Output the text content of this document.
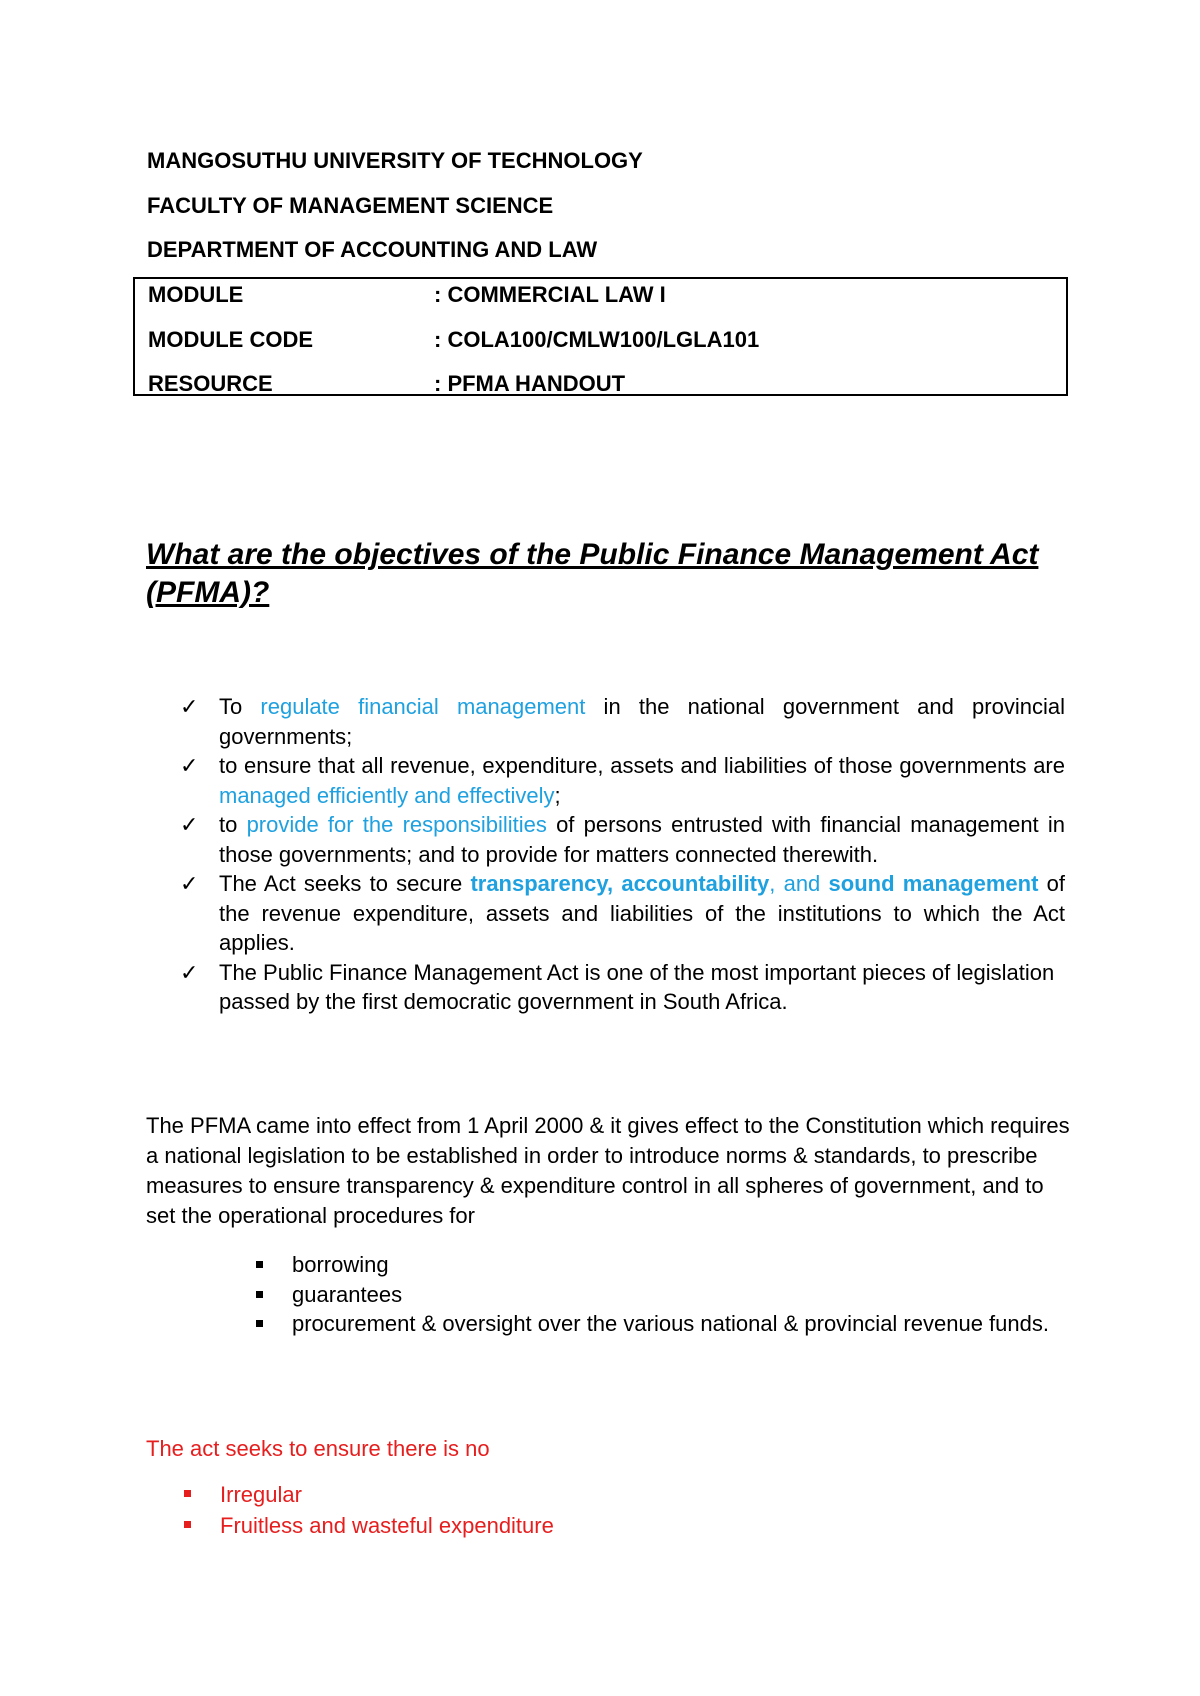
MANGOSUTHU UNIVERSITY OF TECHNOLOGY

FACULTY OF MANAGEMENT SCIENCE

DEPARTMENT OF ACCOUNTING AND LAW

MODULE	: COMMERCIAL LAW I
MODULE CODE	: COLA100/CMLW100/LGLA101
RESOURCE	: PFMA HANDOUT
What are the objectives of the Public Finance Management Act (PFMA)?
✓ To regulate financial management in the national government and provincial governments;
✓ to ensure that all revenue, expenditure, assets and liabilities of those governments are managed efficiently and effectively;
✓ to provide for the responsibilities of persons entrusted with financial management in those governments; and to provide for matters connected therewith.
✓ The Act seeks to secure transparency, accountability, and sound management of the revenue expenditure, assets and liabilities of the institutions to which the Act applies.
✓ The Public Finance Management Act is one of the most important pieces of legislation passed by the first democratic government in South Africa.

The PFMA came into effect from 1 April 2000 & it gives effect to the Constitution which requires a national legislation to be established in order to introduce norms & standards, to prescribe measures to ensure transparency & expenditure control in all spheres of government, and to set the operational procedures for

borrowing
guarantees
procurement & oversight over the various national & provincial revenue funds.

The act seeks to ensure there is no

Irregular
Fruitless and wasteful expenditure
